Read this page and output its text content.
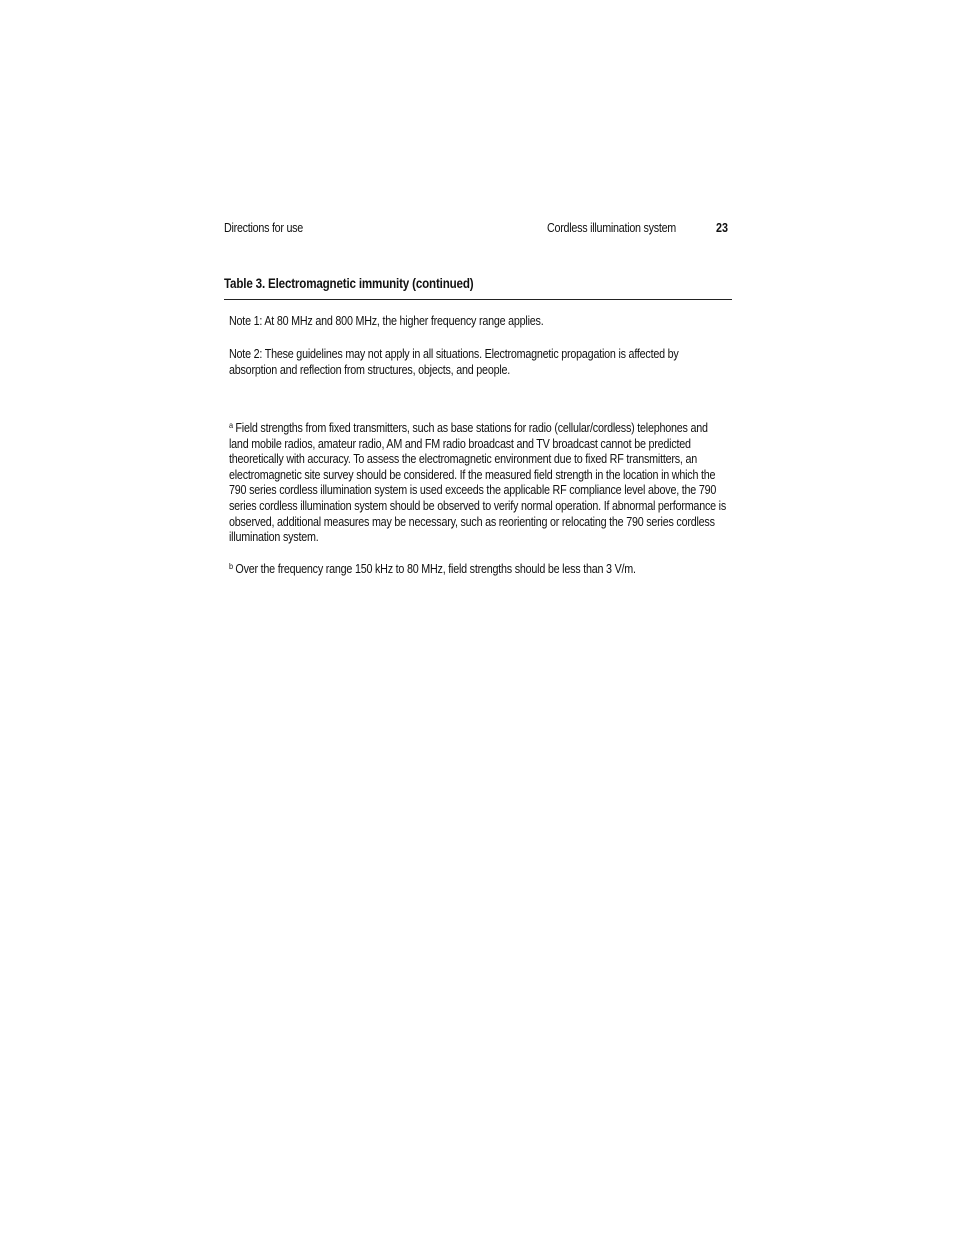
Directions for use	Cordless illumination system	23
Table 3. Electromagnetic immunity (continued)

Note 1: At 80 MHz and 800 MHz, the higher frequency range applies.

Note 2: These guidelines may not apply in all situations. Electromagnetic propagation is affected by absorption and reflection from structures, objects, and people.

$^a$ Field strengths from fixed transmitters, such as base stations for radio (cellular/cordless) telephones and land mobile radios, amateur radio, AM and FM radio broadcast and TV broadcast cannot be predicted theoretically with accuracy. To assess the electromagnetic environment due to fixed RF transmitters, an electromagnetic site survey should be considered. If the measured field strength in the location in which the 790 series cordless illumination system is used exceeds the applicable RF compliance level above, the 790 series cordless illumination system should be observed to verify normal operation. If abnormal performance is observed, additional measures may be necessary, such as reorienting or relocating the 790 series cordless illumination system.

$^b$ Over the frequency range 150 kHz to 80 MHz, field strengths should be less than 3 V/m.
